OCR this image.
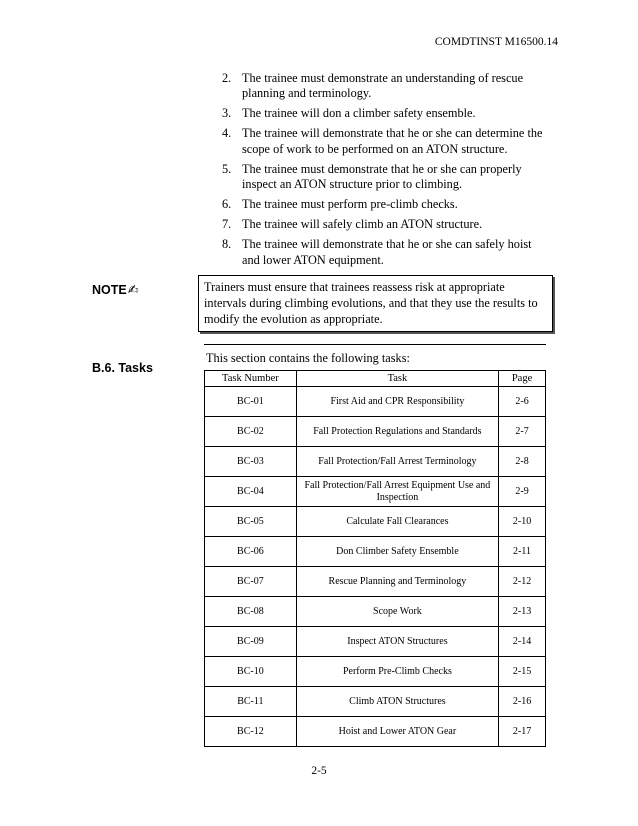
COMDTINST M16500.14
2. The trainee must demonstrate an understanding of rescue planning and terminology.
3. The trainee will don a climber safety ensemble.
4. The trainee will demonstrate that he or she can determine the scope of work to be performed on an ATON structure.
5. The trainee must demonstrate that he or she can properly inspect an ATON structure prior to climbing.
6. The trainee must perform pre-climb checks.
7. The trainee will safely climb an ATON structure.
8. The trainee will demonstrate that he or she can safely hoist and lower ATON equipment.
NOTE✍	Trainers must ensure that trainees reassess risk at appropriate intervals during climbing evolutions, and that they use the results to modify the evolution as appropriate.
B.6. Tasks
This section contains the following tasks:
Task Number	Task	Page
BC-01	First Aid and CPR Responsibility	2-6
BC-02	Fall Protection Regulations and Standards	2-7
BC-03	Fall Protection/Fall Arrest Terminology	2-8
BC-04	Fall Protection/Fall Arrest Equipment Use and Inspection	2-9
BC-05	Calculate Fall Clearances	2-10
BC-06	Don Climber Safety Ensemble	2-11
BC-07	Rescue Planning and Terminology	2-12
BC-08	Scope Work	2-13
BC-09	Inspect ATON Structures	2-14
BC-10	Perform Pre-Climb Checks	2-15
BC-11	Climb ATON Structures	2-16
BC-12	Hoist and Lower ATON Gear	2-17
2-5
